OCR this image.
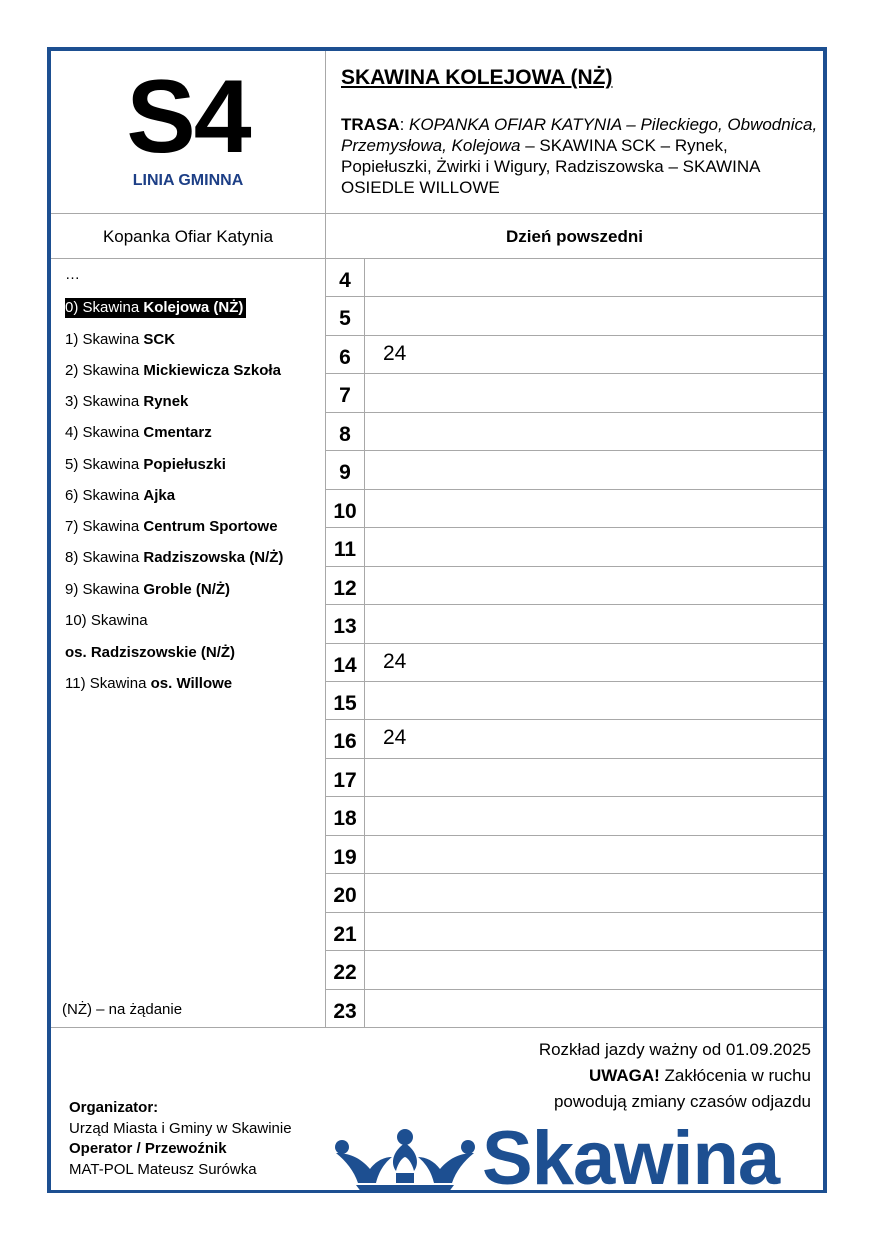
S4
LINIA GMINNA
SKAWINA KOLEJOWA (NŻ)
TRASA: KOPANKA OFIAR KATYNIA – Pileckiego, Obwodnica, Przemysłowa, Kolejowa – SKAWINA SCK – Rynek, Popiełuszki, Żwirki i Wigury, Radziszowska – SKAWINA OSIEDLE WILLOWE
Kopanka Ofiar Katynia	Dzień powszedni
…
0) Skawina Kolejowa (NŻ)
1) Skawina SCK
2) Skawina Mickiewicza Szkoła
3) Skawina Rynek
4) Skawina Cmentarz
5) Skawina Popiełuszki
6) Skawina Ajka
7) Skawina Centrum Sportowe
8) Skawina Radziszowska (N/Ż)
9) Skawina Groble (N/Ż)
10) Skawina
os. Radziszowskie (N/Ż)
11) Skawina os. Willowe
(NŻ) – na żądanie
4
5
6	24
7
8
9
10
11
12
13
14	24
15
16	24
17
18
19
20
21
22
23
Rozkład jazdy ważny od 01.09.2025
UWAGA! Zakłócenia w ruchu
powodują zmiany czasów odjazdu
Organizator:
Urząd Miasta i Gminy w Skawinie
Operator / Przewoźnik
MAT-POL Mateusz Surówka	Skawina
